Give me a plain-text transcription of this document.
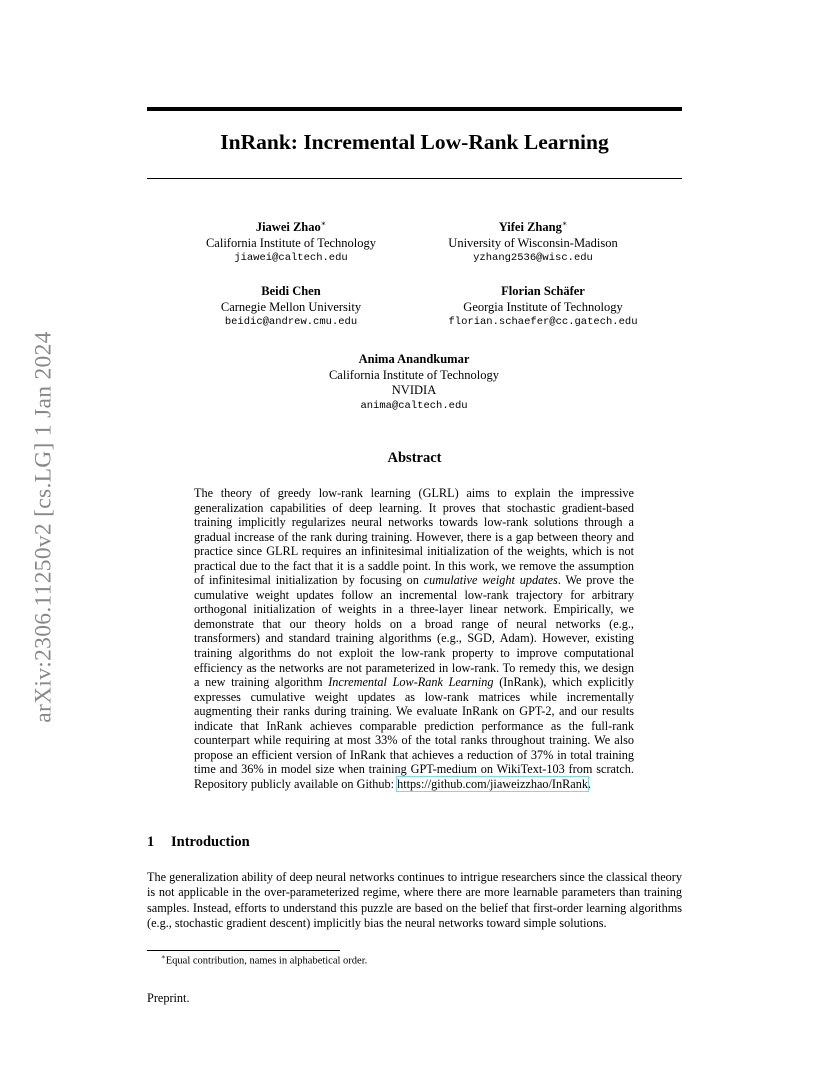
arXiv:2306.11250v2 [cs.LG] 1 Jan 2024
InRank: Incremental Low-Rank Learning
Jiawei Zhao∗
California Institute of Technology
jiawei@caltech.edu
Yifei Zhang∗
University of Wisconsin-Madison
yzhang2536@wisc.edu
Beidi Chen
Carnegie Mellon University
beidic@andrew.cmu.edu
Florian Schäfer
Georgia Institute of Technology
florian.schaefer@cc.gatech.edu
Anima Anandkumar
California Institute of Technology
NVIDIA
anima@caltech.edu
Abstract

The theory of greedy low-rank learning (GLRL) aims to explain the impressive generalization capabilities of deep learning. It proves that stochastic gradient-based training implicitly regularizes neural networks towards low-rank solutions through a gradual increase of the rank during training. However, there is a gap between theory and practice since GLRL requires an infinitesimal initialization of the weights, which is not practical due to the fact that it is a saddle point. In this work, we remove the assumption of infinitesimal initialization by focusing on cumulative weight updates. We prove the cumulative weight updates follow an incremental low-rank trajectory for arbitrary orthogonal initialization of weights in a three-layer linear network. Empirically, we demonstrate that our theory holds on a broad range of neural networks (e.g., transformers) and standard training algorithms (e.g., SGD, Adam). However, existing training algorithms do not exploit the low-rank property to improve computational efficiency as the networks are not parameterized in low-rank. To remedy this, we design a new training algorithm Incremental Low-Rank Learning (InRank), which explicitly expresses cumulative weight updates as low-rank matrices while incrementally augmenting their ranks during training. We evaluate InRank on GPT-2, and our results indicate that InRank achieves comparable prediction performance as the full-rank counterpart while requiring at most 33% of the total ranks throughout training. We also propose an efficient version of InRank that achieves a reduction of 37% in total training time and 36% in model size when training GPT-medium on WikiText-103 from scratch. Repository publicly available on Github: https://github.com/jiaweizzhao/InRank.

1 Introduction

The generalization ability of deep neural networks continues to intrigue researchers since the classical theory is not applicable in the over-parameterized regime, where there are more learnable parameters than training samples. Instead, efforts to understand this puzzle are based on the belief that first-order learning algorithms (e.g., stochastic gradient descent) implicitly bias the neural networks toward simple solutions.

∗Equal contribution, names in alphabetical order.

Preprint.
